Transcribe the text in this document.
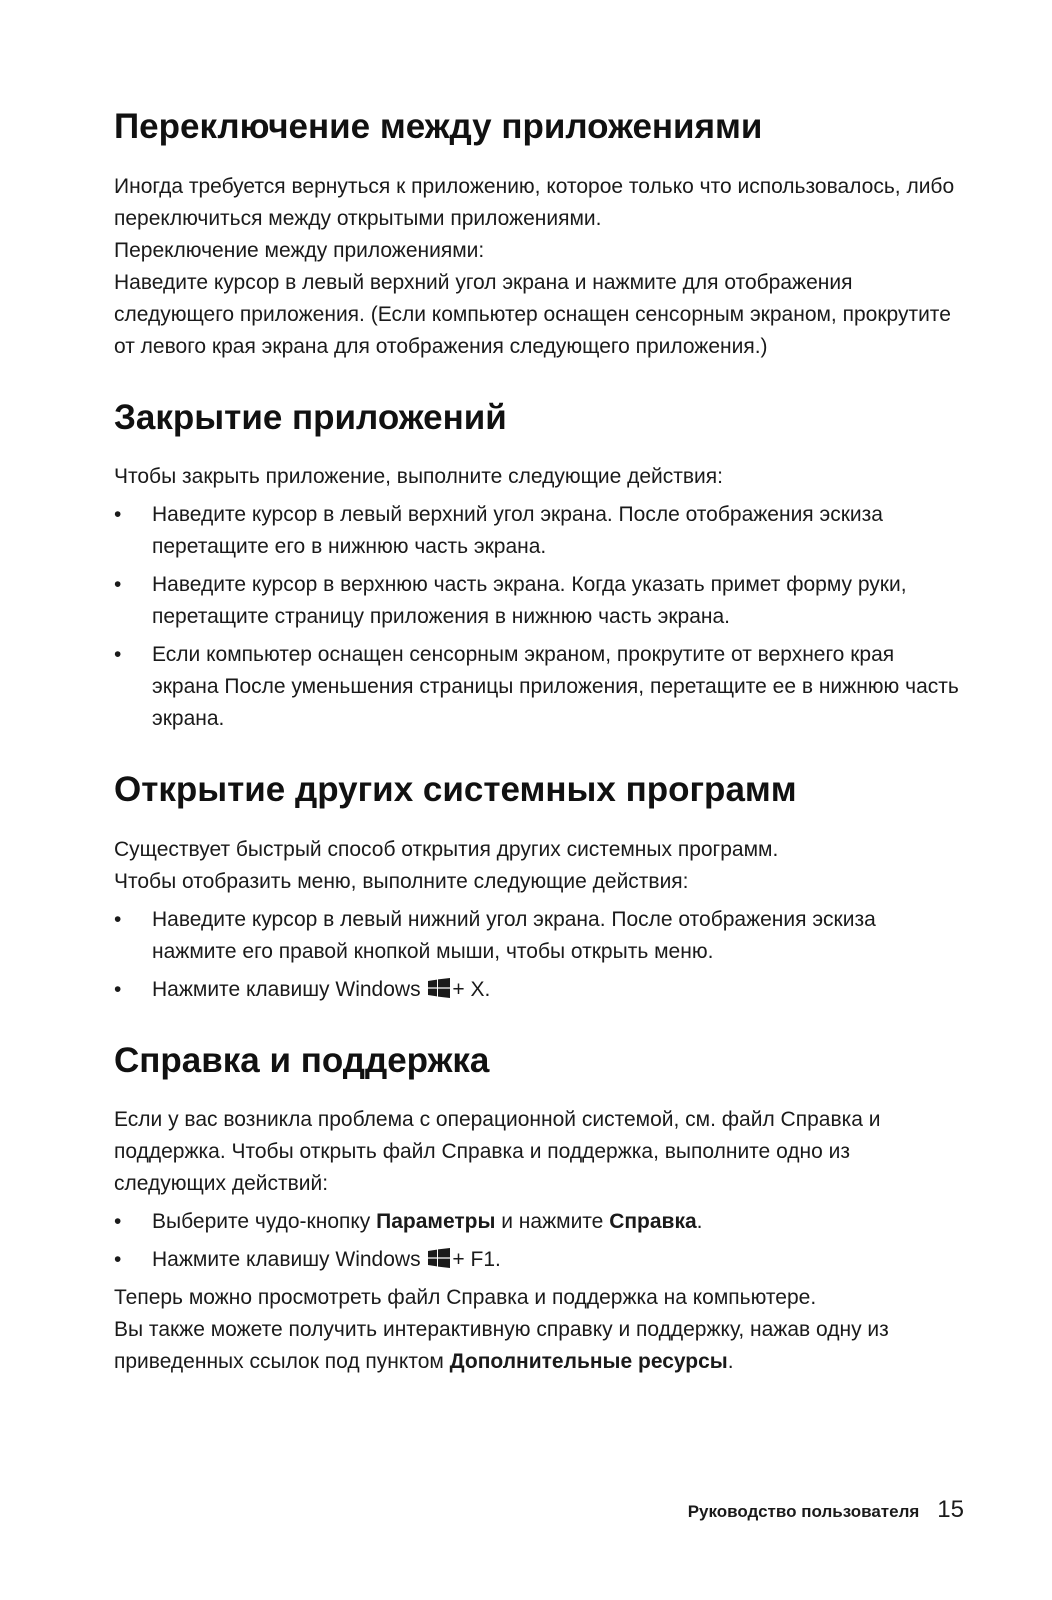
Переключение между приложениями

Иногда требуется вернуться к приложению, которое только что использовалось, либо переключиться между открытыми приложениями.

Переключение между приложениями:

Наведите курсор в левый верхний угол экрана и нажмите для отображения следующего приложения. (Если компьютер оснащен сенсорным экраном, прокрутите от левого края экрана для отображения следующего приложения.)

Закрытие приложений

Чтобы закрыть приложение, выполните следующие действия:

• Наведите курсор в левый верхний угол экрана. После отображения эскиза перетащите его в нижнюю часть экрана.
• Наведите курсор в верхнюю часть экрана. Когда указать примет форму руки, перетащите страницу приложения в нижнюю часть экрана.
• Если компьютер оснащен сенсорным экраном, прокрутите от верхнего края экрана После уменьшения страницы приложения, перетащите ее в нижнюю часть экрана.
Открытие других системных программ

Существует быстрый способ открытия других системных программ.

Чтобы отобразить меню, выполните следующие действия:

• Наведите курсор в левый нижний угол экрана. После отображения эскиза нажмите его правой кнопкой мыши, чтобы открыть меню.
• Нажмите клавишу Windows + X.
Справка и поддержка

Если у вас возникла проблема с операционной системой, см. файл Справка и поддержка. Чтобы открыть файл Справка и поддержка, выполните одно из следующих действий:

• Выберите чудо-кнопку Параметры и нажмите Справка.
• Нажмите клавишу Windows + F1.

Теперь можно просмотреть файл Справка и поддержка на компьютере.

Вы также можете получить интерактивную справку и поддержку, нажав одну из приведенных ссылок под пунктом Дополнительные ресурсы.

Руководство пользователя 15
